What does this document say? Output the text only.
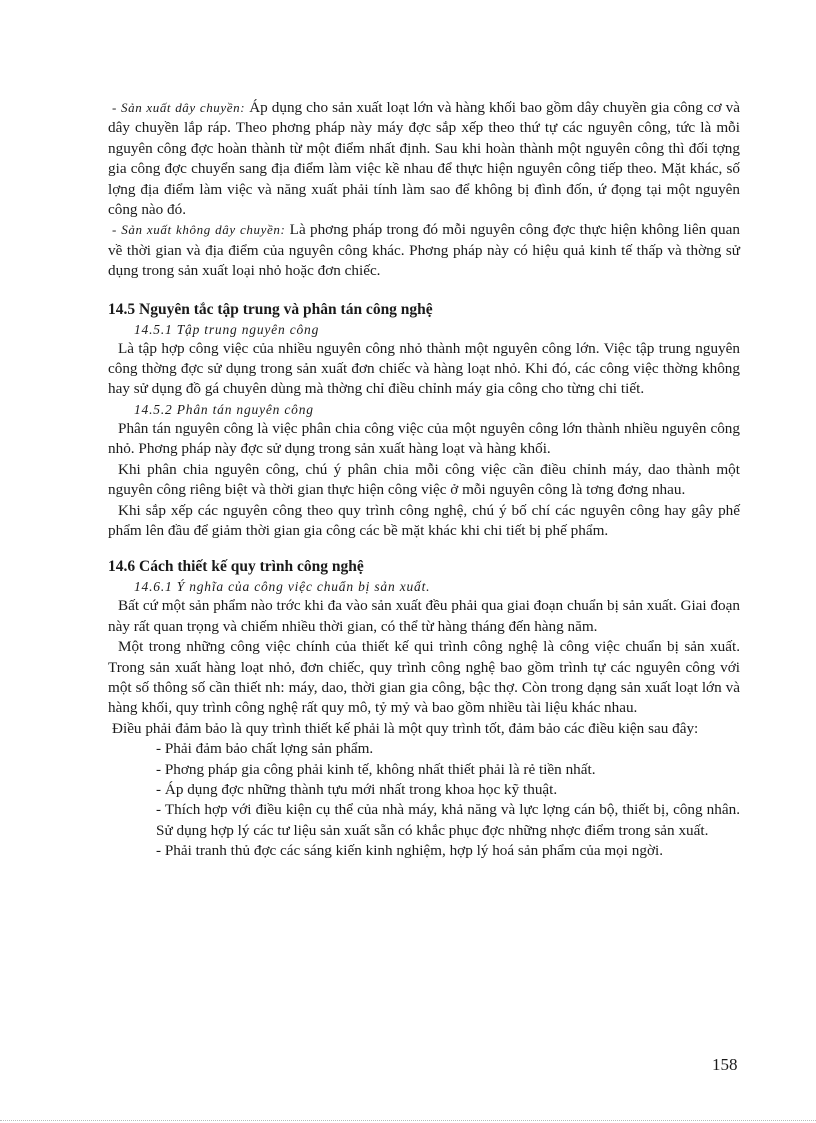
- Sản xuất dây chuyền: Áp dụng cho sản xuất loạt lớn và hàng khối bao gồm dây chuyền gia công cơ và dây chuyền lắp ráp. Theo phơng pháp này máy đợc sắp xếp theo thứ tự các nguyên công, tức là mỗi nguyên công đợc hoàn thành từ một điểm nhất định. Sau khi hoàn thành một nguyên công thì đối tợng gia công đợc chuyển sang địa điểm làm việc kề nhau để thực hiện nguyên công tiếp theo. Mặt khác, số lợng địa điểm làm việc và năng xuất phải tính làm sao để không bị đình đốn, ứ đọng tại một nguyên công nào đó.

- Sản xuất không dây chuyền: Là phơng pháp trong đó mỗi nguyên công đợc thực hiện không liên quan về thời gian và địa điểm của nguyên công khác. Phơng pháp này có hiệu quả kinh tế thấp và thờng sử dụng trong sản xuất loại nhỏ hoặc đơn chiếc.

14.5 Nguyên tắc tập trung và phân tán công nghệ
14.5.1 Tập trung nguyên công

Là tập hợp công việc của nhiều nguyên công nhỏ thành một nguyên công lớn. Việc tập trung nguyên công thờng đợc sử dụng trong sản xuất đơn chiếc và hàng loạt nhỏ. Khi đó, các công việc thờng không hay sử dụng đồ gá chuyên dùng mà thờng chỉ điều chỉnh máy gia công cho từng chi tiết.

14.5.2 Phân tán nguyên công

Phân tán nguyên công là việc phân chia công việc của một nguyên công lớn thành nhiều nguyên công nhỏ. Phơng pháp này đợc sử dụng trong sản xuất hàng loạt và hàng khối.

Khi phân chia nguyên công, chú ý phân chia mỗi công việc cần điều chỉnh máy, dao thành một nguyên công riêng biệt và thời gian thực hiện công việc ở mỗi nguyên công là tơng đơng nhau.

Khi sắp xếp các nguyên công theo quy trình công nghệ, chú ý bố chí các nguyên công hay gây phế phẩm lên đầu để giảm thời gian gia công các bề mặt khác khi chi tiết bị phế phẩm.

14.6 Cách thiết kế quy trình công nghệ
14.6.1 Ý nghĩa của công việc chuẩn bị sản xuất.

Bất cứ một sản phẩm nào trớc khi đa vào sản xuất đều phải qua giai đoạn chuẩn bị sản xuất. Giai đoạn này rất quan trọng và chiếm nhiều thời gian, có thể từ hàng tháng đến hàng năm.

Một trong những công việc chính của thiết kế qui trình công nghệ là công việc chuẩn bị sản xuất. Trong sản xuất hàng loạt nhỏ, đơn chiếc, quy trình công nghệ bao gồm trình tự các nguyên công với một số thông số cần thiết nh: máy, dao, thời gian gia công, bậc thợ. Còn trong dạng sản xuất loạt lớn và hàng khối, quy trình công nghệ rất quy mô, tỷ mỷ và bao gồm nhiều tài liệu khác nhau.

Điều phải đảm bảo là quy trình thiết kế phải là một quy trình tốt, đảm bảo các điều kiện sau đây:

- Phải đảm bảo chất lợng sản phẩm.

- Phơng pháp gia công phải kinh tế, không nhất thiết phải là rẻ tiền nhất.

- Áp dụng đợc những thành tựu mới nhất trong khoa học kỹ thuật.

- Thích hợp với điều kiện cụ thể của nhà máy, khả năng và lực lợng cán bộ, thiết bị, công nhân. Sử dụng hợp lý các tư liệu sản xuất sẵn có khắc phục đợc những nhợc điểm trong sản xuất.

- Phải tranh thủ đợc các sáng kiến kinh nghiệm, hợp lý hoá sản phẩm của mọi ngời.

158
